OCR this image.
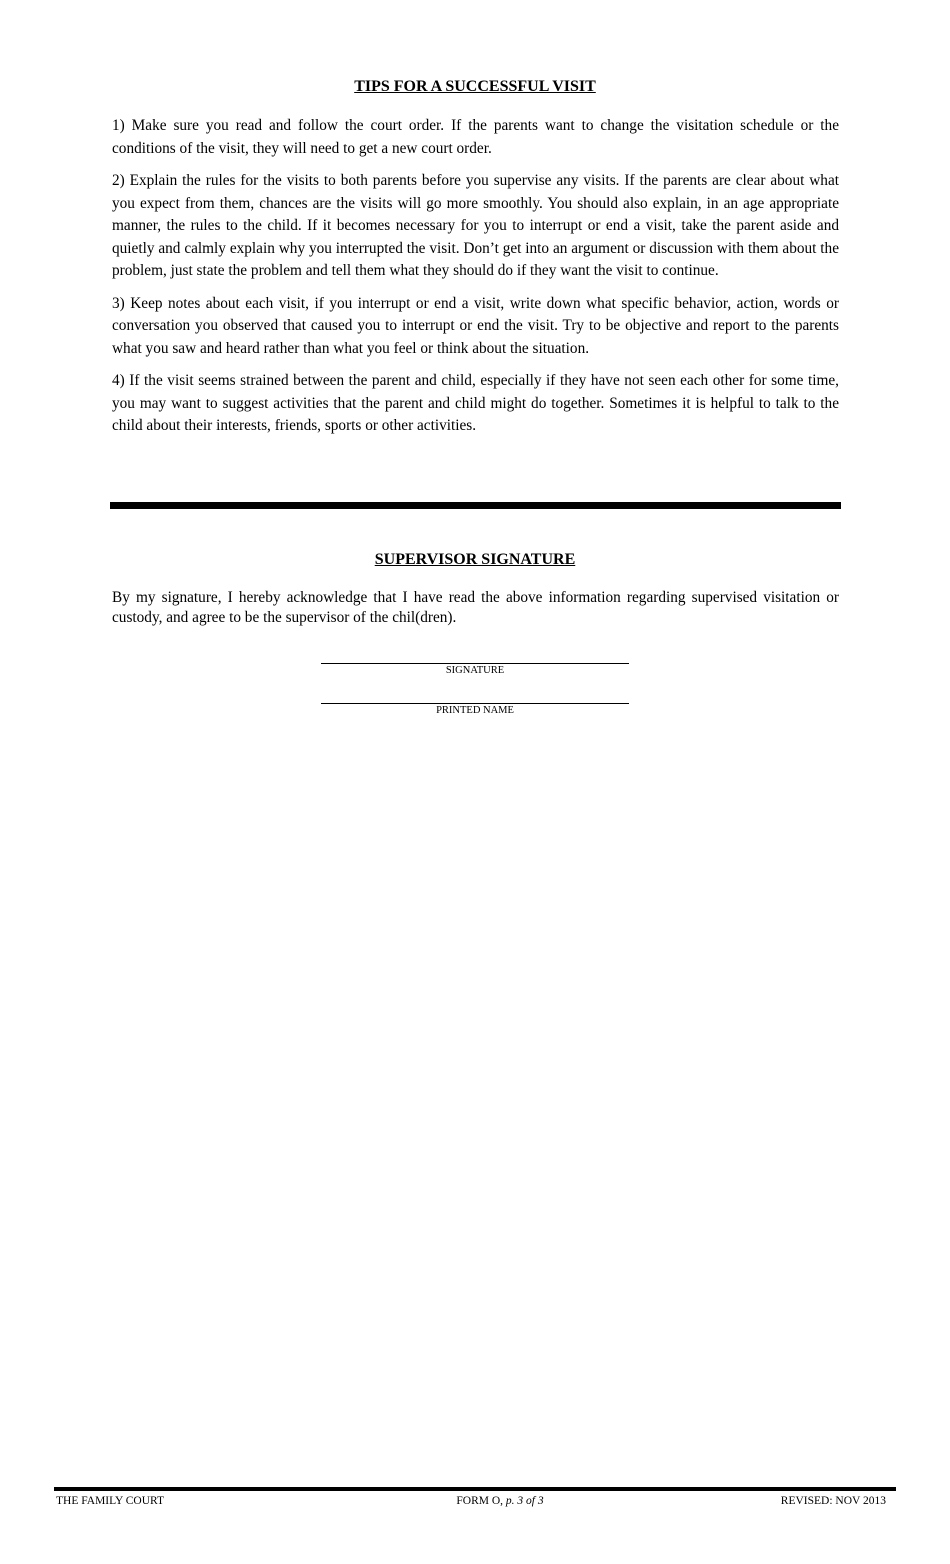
TIPS FOR A SUCCESSFUL VISIT

1) Make sure you read and follow the court order. If the parents want to change the visitation schedule or the conditions of the visit, they will need to get a new court order.

2) Explain the rules for the visits to both parents before you supervise any visits. If the parents are clear about what you expect from them, chances are the visits will go more smoothly. You should also explain, in an age appropriate manner, the rules to the child. If it becomes necessary for you to interrupt or end a visit, take the parent aside and quietly and calmly explain why you interrupted the visit. Don’t get into an argument or discussion with them about the problem, just state the problem and tell them what they should do if they want the visit to continue.

3) Keep notes about each visit, if you interrupt or end a visit, write down what specific behavior, action, words or conversation you observed that caused you to interrupt or end the visit. Try to be objective and report to the parents what you saw and heard rather than what you feel or think about the situation.

4) If the visit seems strained between the parent and child, especially if they have not seen each other for some time, you may want to suggest activities that the parent and child might do together. Sometimes it is helpful to talk to the child about their interests, friends, sports or other activities.

SUPERVISOR SIGNATURE

By my signature, I hereby acknowledge that I have read the above information regarding supervised visitation or custody, and agree to be the supervisor of the chil(dren).

SIGNATURE
PRINTED NAME
THE FAMILY COURT	FORM O, p. 3 of 3	REVISED: NOV 2013
